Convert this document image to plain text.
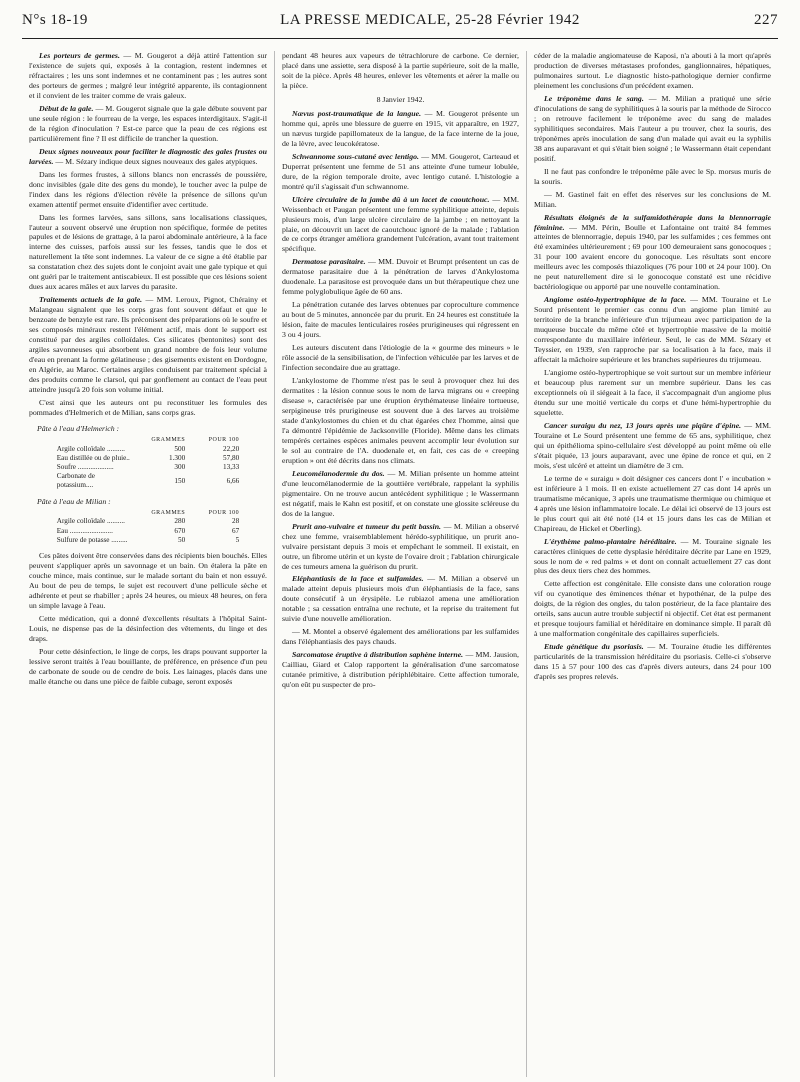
N°s 18-19	LA PRESSE MEDICALE, 25-28 Février 1942	227

Les porteurs de germes. — M. Gougerot a déjà attiré l'attention sur l'existence de sujets qui, exposés à la contagion, restent indemnes et réfractaires ; les uns sont indemnes et ne contaminent pas ; les autres sont des porteurs de germes ; malgré leur intégrité apparente, ils contagionnent et il convient de les traiter comme de vrais galeux.

Début de la gale. — M. Gougerot signale que la gale débute souvent par une seule région : le fourreau de la verge, les espaces interdigitaux. S'agit-il de la région d'inoculation ? Est-ce parce que la peau de ces régions est particulièrement fine ? Il est difficile de trancher la question.

Deux signes nouveaux pour faciliter le diagnostic des gales frustes ou larvées. — M. Sézary indique deux signes nouveaux des gales atypiques.

Dans les formes frustes, à sillons blancs non encrassés de poussière, donc invisibles (gale dite des gens du monde), le toucher avec la pulpe de l'index dans les régions d'élection révèle la présence de sillons qu'un examen attentif permet ensuite d'identifier avec certitude.

Dans les formes larvées, sans sillons, sans localisations classiques, l'auteur a souvent observé une éruption non spécifique, formée de petites papules et de lésions de grattage, à la paroi abdominale antérieure, à la face interne des cuisses, parfois aussi sur les fesses, tandis que le dos et naturellement la tête sont indemnes. La valeur de ce signe a été établie par sa constatation chez des sujets dont le conjoint avait une gale typique et qui ont guéri par le traitement antiscabieux. Il est possible que ces lésions soient dues aux acares mâles et aux larves du parasite.

Traitements actuels de la gale. — MM. Leroux, Pignot, Chérainy et Malangeau signalent que les corps gras font souvent défaut et que le benzoate de benzyle est rare. Ils préconisent des préparations où le soufre et ses composés minéraux restent l'élément actif, mais dont le support est constitué par des argiles colloïdales. Ces silicates (bentonites) sont des argiles savonneuses qui absorbent un grand nombre de fois leur volume d'eau en prenant la forme gélatineuse ; des gisements existent en Dordogne, en Algérie, au Maroc. Certaines argiles conduisent par traitement spécial à des produits comme le clarsol, qui par gonflement au contact de l'eau peut atteindre jusqu'à 20 fois son volume initial.

C'est ainsi que les auteurs ont pu reconstituer les formules des pommades d'Helmerich et de Milian, sans corps gras.

Pâte à l'eau d'Helmerich :
	GRAMMES	POUR 100
Argile colloïdale ..........	500	22,20
Eau distillée ou de pluie..	1.300	57,80
Soufre ....................	300	13,33
Carbonate de potassium....	150	6,66
Pâte à l'eau de Milian :
	GRAMMES	POUR 100
Argile colloïdale ..........	280	28
Eau ........................	670	67
Sulfure de potasse .........	50	5

Ces pâtes doivent être conservées dans des récipients bien bouchés. Elles peuvent s'appliquer après un savonnage et un bain. On étalera la pâte en couche mince, mais continue, sur le malade sortant du bain et non essuyé. Au bout de peu de temps, le sujet est recouvert d'une pellicule sèche et adhérente et peut se rhabiller ; après 24 heures, ou mieux 48 heures, on fera un simple lavage à l'eau.

Cette médication, qui a donné d'excellents résultats à l'hôpital Saint-Louis, ne dispense pas de la désinfection des vêtements, du linge et des draps.

Pour cette désinfection, le linge de corps, les draps pouvant supporter la lessive seront traités à l'eau bouillante, de préférence, en présence d'un peu de carbonate de soude ou de cendre de bois. Les lainages, placés dans une malle étanche ou dans une pièce de faible cubage, seront exposés

pendant 48 heures aux vapeurs de tétrachlorure de carbone. Ce dernier, placé dans une assiette, sera disposé à la partie supérieure, soit de la malle, soit de la pièce. Après 48 heures, enlever les vêtements et aérer la malle ou la pièce.

8 Janvier 1942.

Nævus post-traumatique de la langue. — M. Gougerot présente un homme qui, après une blessure de guerre en 1915, vit apparaître, en 1927, un nævus turgide papillomateux de la langue, de la face interne de la joue, de la lèvre, avec leucokératose.

Schwannome sous-cutané avec lentigo. — MM. Gougerot, Carteaud et Duperrat présentent une femme de 51 ans atteinte d'une tumeur lobulée, dure, de la région temporale droite, avec lentigo cutané. L'histologie a montré qu'il s'agissait d'un schwannome.

Ulcère circulaire de la jambe dû à un lacet de caoutchouc. — MM. Weissenbach et Paugan présentent une femme syphilitique atteinte, depuis plusieurs mois, d'un large ulcère circulaire de la jambe ; en nettoyant la plaie, on découvrit un lacet de caoutchouc ignoré de la malade ; l'ablation de ce corps étranger améliora grandement l'ulcération, avant tout traitement spécifique.

Dermatose parasitaire. — MM. Duvoir et Brumpt présentent un cas de dermatose parasitaire due à la pénétration de larves d'Ankylostoma duodenale. La parasitose est provoquée dans un but thérapeutique chez une femme polyglobulique âgée de 60 ans.

La pénétration cutanée des larves obtenues par coproculture commence au bout de 5 minutes, annoncée par du prurit. En 24 heures est constituée la lésion, faite de macules lenticulaires rosées prurigineuses qui régressent en 3 ou 4 jours.

Les auteurs discutent dans l'étiologie de la « gourme des mineurs » le rôle associé de la sensibilisation, de l'infection véhiculée par les larves et de l'infection secondaire due au grattage.

L'ankylostome de l'homme n'est pas le seul à provoquer chez lui des dermatites : la lésion connue sous le nom de larva migrans ou « creeping disease », caractérisée par une éruption érythémateuse linéaire tortueuse, serpigineuse très prurigineuse est souvent due à des larves au troisième stade d'ankylostomes du chien et du chat égarées chez l'homme, ainsi que l'a démontré l'épidémie de Jacksonville (Floride). Même dans les climats tempérés certaines espèces animales peuvent accomplir leur évolution sur le sol au contraire de l'A. duodenale et, en fait, ces cas de « creeping eruption » ont été décrits dans nos climats.

Leucomélanodermie du dos. — M. Milian présente un homme atteint d'une leucomélanodermie de la gouttière vertébrale, rappelant la syphilis pigmentaire. On ne trouve aucun antécédent syphilitique ; le Wassermann est négatif, mais le Kahn est positif, et on constate une glossite scléreuse du dos de la langue.

Prurit ano-vulvaire et tumeur du petit bassin. — M. Milian a observé chez une femme, vraisemblablement hérédo-syphilitique, un prurit ano-vulvaire persistant depuis 3 mois et empêchant le sommeil. Il existait, en outre, un fibrome utérin et un kyste de l'ovaire droit ; l'ablation chirurgicale de ces tumeurs amena la guérison du prurit.

Eléphantiasis de la face et sulfamides. — M. Milian a observé un malade atteint depuis plusieurs mois d'un éléphantiasis de la face, sans doute consécutif à un érysipèle. Le rubiazol amena une amélioration notable ; sa cessation entraîna une rechute, et la reprise du traitement fut suivie d'une nouvelle amélioration.

— M. Montel a observé également des améliorations par les sulfamides dans l'éléphantiasis des pays chauds.

Sarcomatose éruptive à distribution saphène interne. — MM. Jausion, Cailliau, Giard et Calop rapportent la généralisation d'une sarcomatose cutanée primitive, à distribution périphlébitaire. Cette affection tumorale, qu'on eût pu suspecter de pro-

céder de la maladie angiomateuse de Kaposi, n'a abouti à la mort qu'après production de diverses métastases profondes, ganglionnaires, hépatiques, pulmonaires surtout. Le diagnostic histo-pathologique dernier confirme pleinement les conclusions d'un précédent examen.

Le tréponème dans le sang. — M. Milian a pratiqué une série d'inoculations de sang de syphilitiques à la souris par la méthode de Sirocco ; on retrouve facilement le tréponème avec du sang de malades syphilitiques secondaires. Mais l'auteur a pu trouver, chez la souris, des tréponèmes après inoculation de sang d'un malade qui avait eu la syphilis 38 ans auparavant et qui s'était bien soigné ; le Wassermann était cependant positif.

Il ne faut pas confondre le tréponème pâle avec le Sp. morsus muris de la souris.

— M. Gastinel fait en effet des réserves sur les conclusions de M. Milian.

Résultats éloignés de la sulfamidothérapie dans la blennorragie féminine. — MM. Périn, Boulle et Lafontaine ont traité 84 femmes atteintes de blennorragie, depuis 1940, par les sulfamides ; ces femmes ont été examinées ultérieurement ; 69 pour 100 demeuraient sans gonocoques ; 31 pour 100 avaient encore du gonocoque. Les résultats sont encore meilleurs avec les composés thiazoliques (76 pour 100 et 24 pour 100). On ne peut naturellement dire si le gonocoque constaté est une récidive bactériologique ou apporté par une nouvelle contamination.

Angiome ostéo-hypertrophique de la face. — MM. Touraine et Le Sourd présentent le premier cas connu d'un angiome plan limité au territoire de la branche inférieure d'un trijumeau avec participation de la muqueuse buccale du même côté et hypertrophie massive de la moitié correspondante du maxillaire inférieur. Seul, le cas de MM. Sézary et Teyssier, en 1939, s'en rapproche par sa localisation à la face, mais il affectait la mâchoire supérieure et les branches supérieures du trijumeau.

L'angiome ostéo-hypertrophique se voit surtout sur un membre inférieur et beaucoup plus rarement sur un membre supérieur. Dans les cas exceptionnels où il siégeait à la face, il s'accompagnait d'un angiome plus étendu sur une moitié verticale du corps et d'une hémi-hypertrophie du squelette.

Cancer suraigu du nez, 13 jours après une piqûre d'épine. — MM. Touraine et Le Sourd présentent une femme de 65 ans, syphilitique, chez qui un épithélioma spino-cellulaire s'est développé au point même où elle s'était piquée, 13 jours auparavant, avec une épine de ronce et qui, en 2 mois, s'est ulcéré et atteint un diamètre de 3 cm.

Le terme de « suraigu » doit désigner ces cancers dont l' « incubation » est inférieure à 1 mois. Il en existe actuellement 27 cas dont 14 après un traumatisme mécanique, 3 après une traumatisme thermique ou chimique et 4 après une lésion inflammatoire locale. Le délai ici observé de 13 jours est le plus court qui ait été noté (14 et 15 jours dans les cas de Milian et Chapireau, de Hickel et Oberling).

L'érythème palmo-plantaire héréditaire. — M. Touraine signale les caractères cliniques de cette dysplasie héréditaire décrite par Lane en 1929, sous le nom de « red palms » et dont on connaît actuellement 27 cas dont plus des deux tiers chez des hommes.

Cette affection est congénitale. Elle consiste dans une coloration rouge vif ou cyanotique des éminences thénar et hypothénar, de la pulpe des doigts, de la région des ongles, du talon postérieur, de la face plantaire des orteils, sans aucun autre trouble subjectif ni objectif. Cet état est permanent et presque toujours familial et héréditaire en dominance simple. Il paraît dû à une malformation congénitale des capillaires superficiels.

Etude génétique du psoriasis. — M. Touraine étudie les différentes particularités de la transmission héréditaire du psoriasis. Celle-ci s'observe dans 15 à 57 pour 100 des cas d'après divers auteurs, dans 24 pour 100 d'après ses propres relevés.
